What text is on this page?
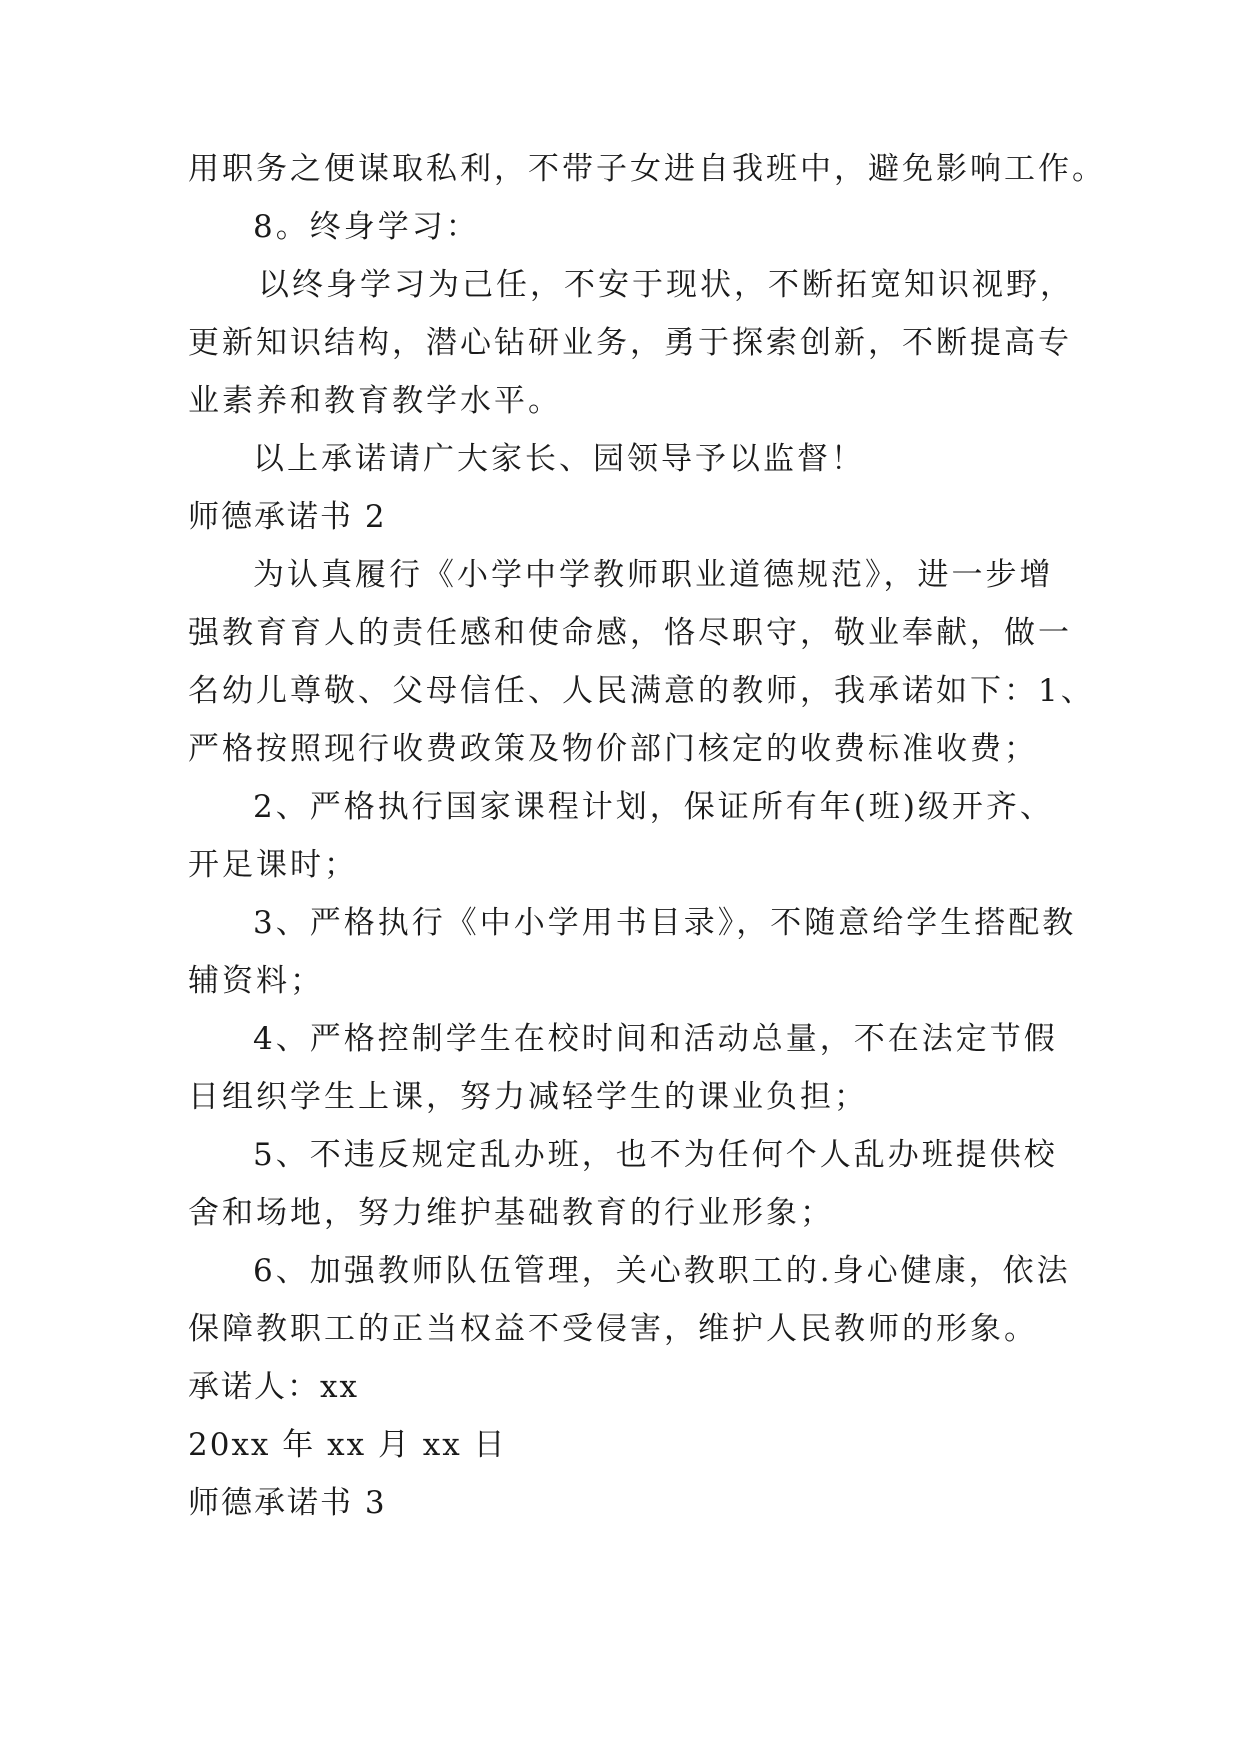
用职务之便谋取私利，不带子女进自我班中，避免影响工作。

8。终身学习：

以终身学习为己任，不安于现状，不断拓宽知识视野，

更新知识结构，潜心钻研业务，勇于探索创新，不断提高专

业素养和教育教学水平。

以上承诺请广大家长、园领导予以监督！

师德承诺书 2

为认真履行《小学中学教师职业道德规范》，进一步增

强教育育人的责任感和使命感，恪尽职守，敬业奉献，做一

名幼儿尊敬、父母信任、人民满意的教师，我承诺如下：1、

严格按照现行收费政策及物价部门核定的收费标准收费；

2、严格执行国家课程计划，保证所有年(班)级开齐、

开足课时；

3、严格执行《中小学用书目录》，不随意给学生搭配教

辅资料；

4、严格控制学生在校时间和活动总量，不在法定节假

日组织学生上课，努力减轻学生的课业负担；

5、不违反规定乱办班，也不为任何个人乱办班提供校

舍和场地，努力维护基础教育的行业形象；

6、加强教师队伍管理，关心教职工的.身心健康，依法

保障教职工的正当权益不受侵害，维护人民教师的形象。

承诺人：xx

20xx 年 xx 月 xx 日

师德承诺书 3
